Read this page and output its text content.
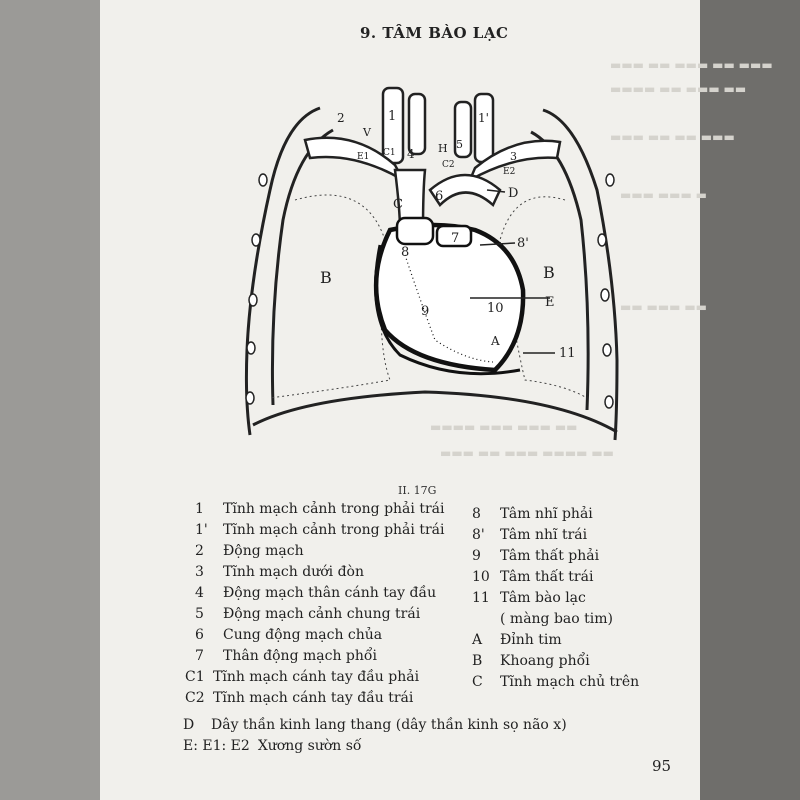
▬▬▬ ▬▬ ▬▬▬ ▬▬ ▬▬▬
▬▬▬▬ ▬▬ ▬▬▬ ▬▬
▬▬▬ ▬▬ ▬▬ ▬▬▬
▬▬▬ ▬▬▬ ▬
▬▬ ▬▬▬ ▬▬
▬▬▬▬ ▬▬▬ ▬▬▬ ▬▬
▬▬▬ ▬▬ ▬▬▬ ▬▬▬▬ ▬▬
9. TÂM BÀO LẠC
1	1'
2
V
E1 C1 4 H
C2
3
E2
5
C
6	D
8
7	8'
B	B
E
9	10
A
11
II. 17G
1 Tĩnh mạch cảnh trong phải trái
1' Tĩnh mạch cảnh trong phải trái
2 Động mạch
3 Tĩnh mạch dưới đòn
4 Động mạch thân cánh tay đầu
5 Động mạch cảnh chung trái
6 Cung động mạch chủa
7 Thân động mạch phổi
C1 Tĩnh mạch cánh tay đầu phải
C2 Tĩnh mạch cánh tay đầu trái
8 Tâm nhĩ phải
8' Tâm nhĩ trái
9 Tâm thất phải
10 Tâm thất trái
11 Tâm bào lạc
( màng bao tim)
A Đỉnh tim
B Khoang phổi
C Tĩnh mạch chủ trên
D Dây thần kinh lang thang (dây thần kinh sọ não x)
E: E1: E2 Xương sườn số
95
